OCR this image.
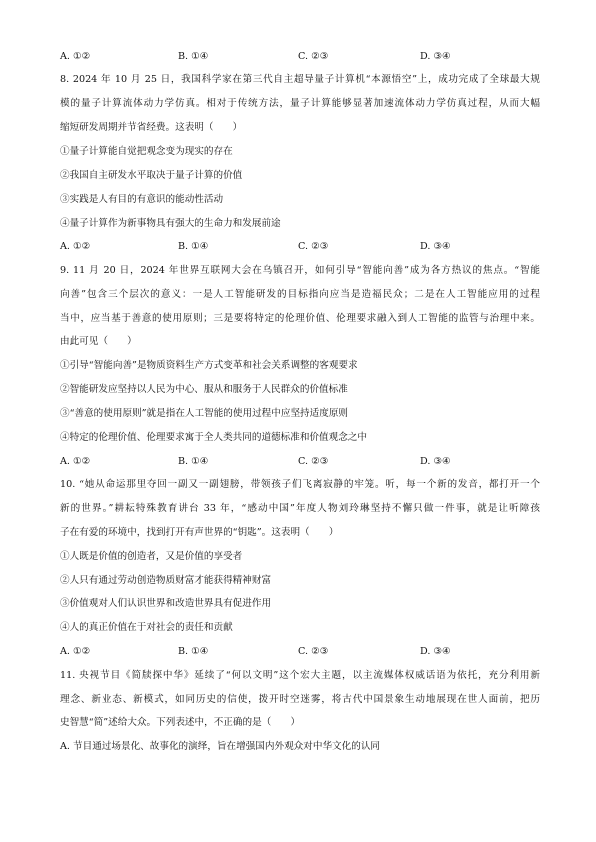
A. ①②	B. ①④	C. ②③	D. ③④
8. 2024 年 10 月 25 日，我国科学家在第三代自主超导量子计算机“本源悟空”上，成功完成了全球最大规
模的量子计算流体动力学仿真。相对于传统方法，量子计算能够显著加速流体动力学仿真过程，从而大幅
缩短研发周期并节省经费。这表明（　　）
①量子计算能自觉把观念变为现实的存在
②我国自主研发水平取决于量子计算的价值
③实践是人有目的有意识的能动性活动
④量子计算作为新事物具有强大的生命力和发展前途
A. ①②	B. ①④	C. ②③	D. ③④
9. 11 月 20 日，2024 年世界互联网大会在乌镇召开，如何引导“智能向善”成为各方热议的焦点。“智能
向善”包含三个层次的意义：一是人工智能研发的目标指向应当是造福民众；二是在人工智能应用的过程
当中，应当基于善意的使用原则；三是要将特定的伦理价值、伦理要求融入到人工智能的监管与治理中来。
由此可见（　　）
①引导“智能向善”是物质资料生产方式变革和社会关系调整的客观要求
②智能研发应坚持以人民为中心、服从和服务于人民群众的价值标准
③“善意的使用原则”就是指在人工智能的使用过程中应坚持适度原则
④特定的伦理价值、伦理要求寓于全人类共同的道德标准和价值观念之中
A. ①②	B. ①④	C. ②③	D. ③④
10. “她从命运那里夺回一副又一副翅膀，带领孩子们飞离寂静的牢笼。听，每一个新的发音，都打开一个
新的世界。”耕耘特殊教育讲台 33 年，“感动中国”年度人物刘玲琳坚持不懈只做一件事，就是让听障孩
子在有爱的环境中，找到打开有声世界的“钥匙”。这表明（　　）
①人既是价值的创造者，又是价值的享受者
②人只有通过劳动创造物质财富才能获得精神财富
③价值观对人们认识世界和改造世界具有促进作用
④人的真正价值在于对社会的责任和贡献
A. ①②	B. ①④	C. ②③	D. ③④
11. 央视节目《简牍探中华》延续了“何以文明”这个宏大主题，以主流媒体权威话语为依托，充分利用新
理念、新业态、新模式，如同历史的信使，拨开时空迷雾，将古代中国景象生动地展现在世人面前，把历
史智慧“简”述给大众。下列表述中，不正确的是（　　）
A. 节目通过场景化、故事化的演绎，旨在增强国内外观众对中华文化的认同
